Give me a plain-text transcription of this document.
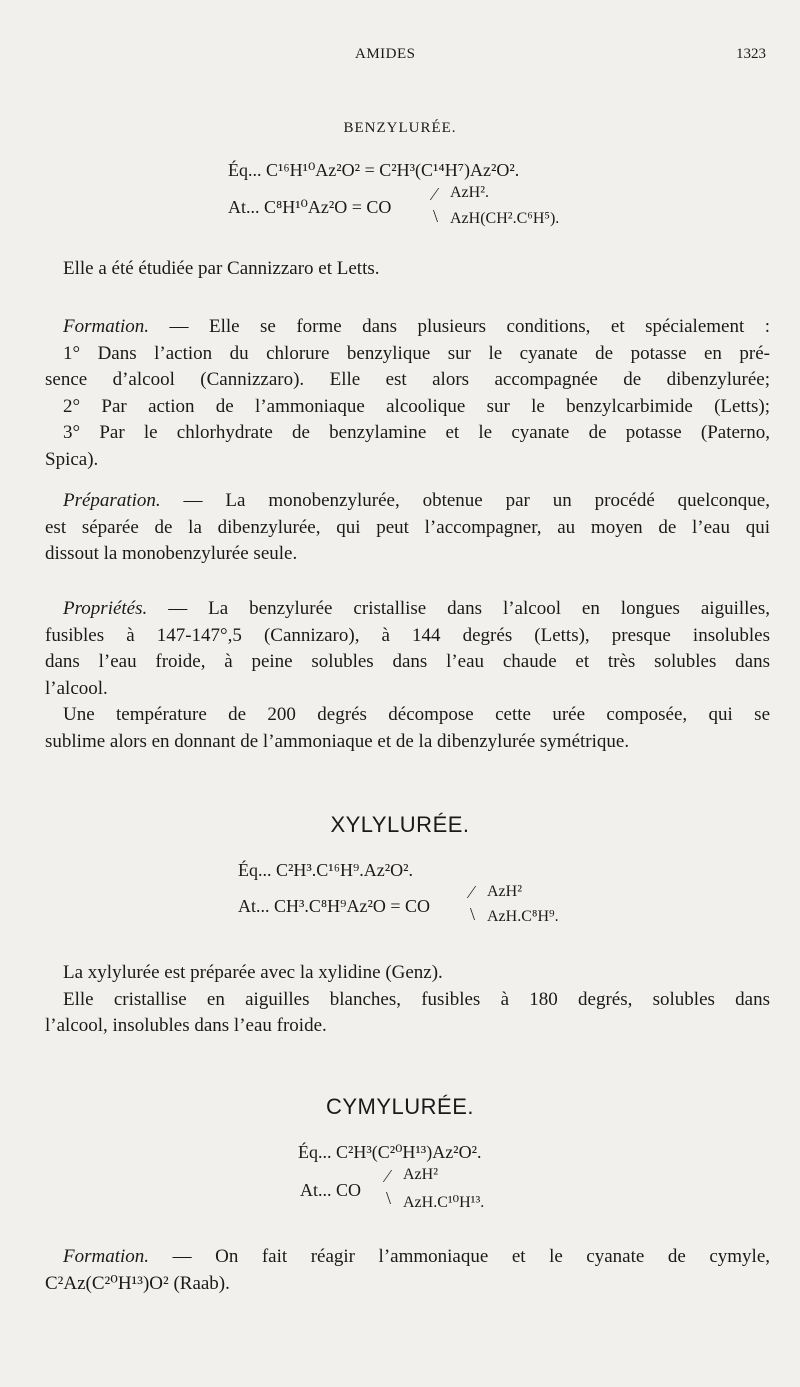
AMIDES	1323
BENZYLURÉE.
Éq... C¹⁶H¹⁰Az²O² = C²H³(C¹⁴H⁷)Az²O².
At... C⁸H¹⁰Az²O = CO
⁄
\
AzH².
AzH(CH².C⁶H⁵).
Elle a été étudiée par Cannizzaro et Letts.
Formation. — Elle se forme dans plusieurs conditions, et spécialement :
1° Dans l’action du chlorure benzylique sur le cyanate de potasse en pré-
sence d’alcool (Cannizzaro). Elle est alors accompagnée de dibenzylurée;
2° Par action de l’ammoniaque alcoolique sur le benzylcarbimide (Letts);
3° Par le chlorhydrate de benzylamine et le cyanate de potasse (Paterno,
Spica).
Préparation. — La monobenzylurée, obtenue par un procédé quelconque,
est séparée de la dibenzylurée, qui peut l’accompagner, au moyen de l’eau qui
dissout la monobenzylurée seule.
Propriétés. — La benzylurée cristallise dans l’alcool en longues aiguilles,
fusibles à 147-147°,5 (Cannizaro), à 144 degrés (Letts), presque insolubles
dans l’eau froide, à peine solubles dans l’eau chaude et très solubles dans
l’alcool.
Une température de 200 degrés décompose cette urée composée, qui se
sublime alors en donnant de l’ammoniaque et de la dibenzylurée symétrique.
XYLYLURÉE.
Éq... C²H³.C¹⁶H⁹.Az²O².
At... CH³.C⁸H⁹Az²O = CO
⁄
\
AzH²
AzH.C⁸H⁹.
La xylylurée est préparée avec la xylidine (Genz).
Elle cristallise en aiguilles blanches, fusibles à 180 degrés, solubles dans
l’alcool, insolubles dans l’eau froide.
CYMYLURÉE.
Éq... C²H³(C²⁰H¹³)Az²O².
At... CO
⁄
\
AzH²
AzH.C¹⁰H¹³.
Formation. — On fait réagir l’ammoniaque et le cyanate de cymyle,
C²Az(C²⁰H¹³)O² (Raab).
